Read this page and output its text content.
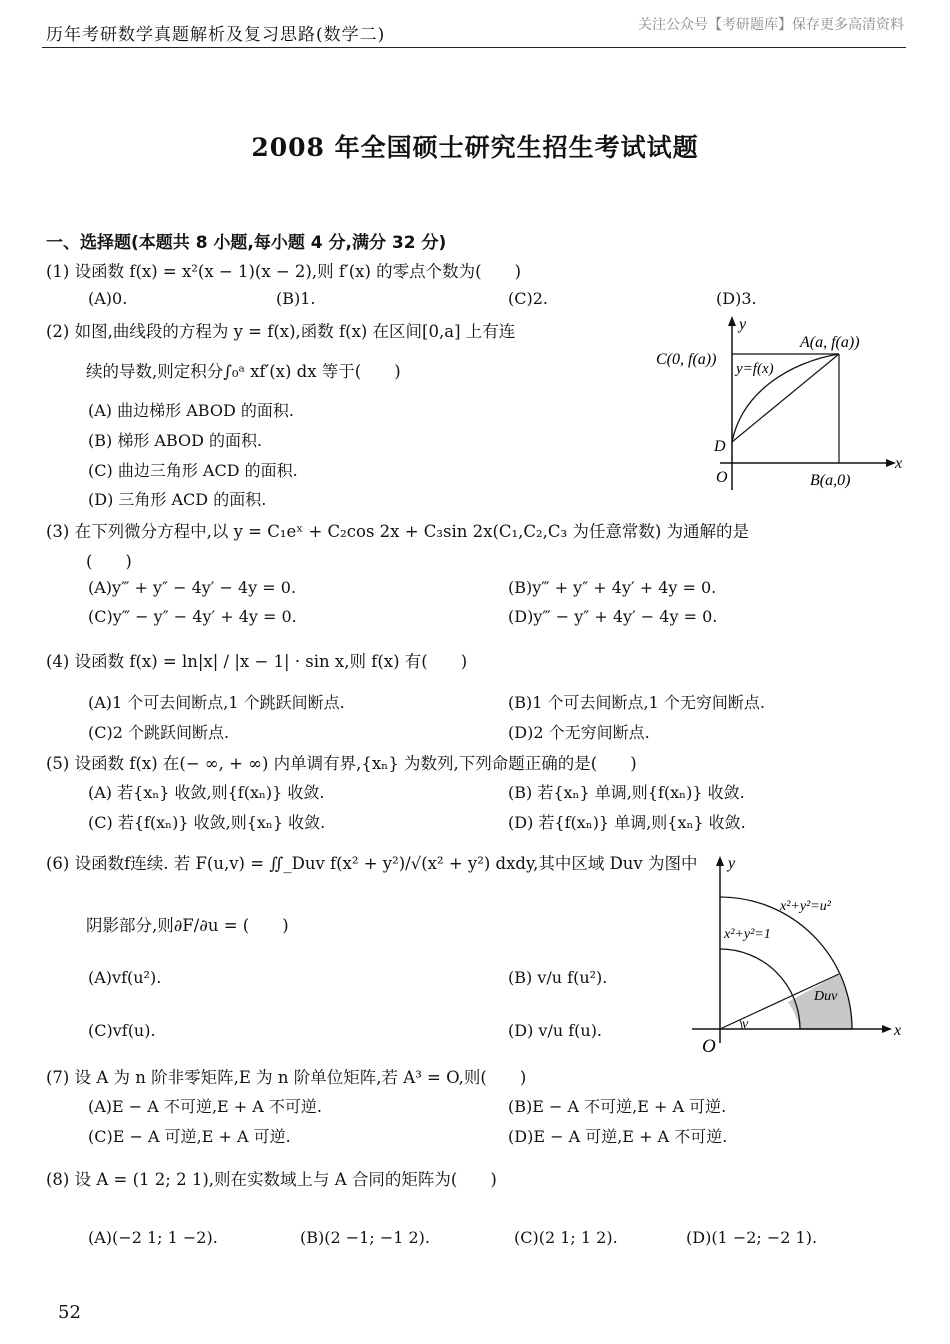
历年考研数学真题解析及复习思路(数学二)	关注公众号【考研题库】保存更多高清资料
2008 年全国硕士研究生招生考试试题
一、选择题(本题共 8 小题,每小题 4 分,满分 32 分)
(1) 设函数 f(x) = x²(x − 1)(x − 2),则 f′(x) 的零点个数为(　　)
(A)0.	(B)1.	(C)2.	(D)3.
(2) 如图,曲线段的方程为 y = f(x),函数 f(x) 在区间[0,a] 上有连
续的导数,则定积分∫₀ᵃ xf′(x) dx 等于(　　)
(A) 曲边梯形 ABOD 的面积.
(B) 梯形 ABOD 的面积.
(C) 曲边三角形 ACD 的面积.
(D) 三角形 ACD 的面积.
y
x
O
D
C(0, f(a))
A(a, f(a))
y=f(x)
B(a,0)
(3) 在下列微分方程中,以 y = C₁eˣ + C₂cos 2x + C₃sin 2x(C₁,C₂,C₃ 为任意常数) 为通解的是
(　　)
(A)y‴ + y″ − 4y′ − 4y = 0.	(B)y‴ + y″ + 4y′ + 4y = 0.
(C)y‴ − y″ − 4y′ + 4y = 0.	(D)y‴ − y″ + 4y′ − 4y = 0.
(4) 设函数 f(x) = ln|x| / |x − 1| · sin x,则 f(x) 有(　　)
(A)1 个可去间断点,1 个跳跃间断点.	(B)1 个可去间断点,1 个无穷间断点.
(C)2 个跳跃间断点.	(D)2 个无穷间断点.
(5) 设函数 f(x) 在(− ∞, + ∞) 内单调有界,{xₙ} 为数列,下列命题正确的是(　　)
(A) 若{xₙ} 收敛,则{f(xₙ)} 收敛.	(B) 若{xₙ} 单调,则{f(xₙ)} 收敛.
(C) 若{f(xₙ)} 收敛,则{xₙ} 收敛.	(D) 若{f(xₙ)} 单调,则{xₙ} 收敛.
(6) 设函数f连续. 若 F(u,v) = ∬_Duv f(x² + y²)/√(x² + y²) dxdy,其中区域 Duv 为图中
阴影部分,则∂F/∂u = (　　)
(A)vf(u²).	(B) v/u f(u²).
(C)vf(u).	(D) v/u f(u).
y
x
O
v
x²+y²=u²
x²+y²=1
Duv
(7) 设 A 为 n 阶非零矩阵,E 为 n 阶单位矩阵,若 A³ = O,则(　　)
(A)E − A 不可逆,E + A 不可逆.	(B)E − A 不可逆,E + A 可逆.
(C)E − A 可逆,E + A 可逆.	(D)E − A 可逆,E + A 不可逆.
(8) 设 A = (1 2; 2 1),则在实数域上与 A 合同的矩阵为(　　)
(A)(−2 1; 1 −2).	(B)(2 −1; −1 2).	(C)(2 1; 1 2).	(D)(1 −2; −2 1).
52
